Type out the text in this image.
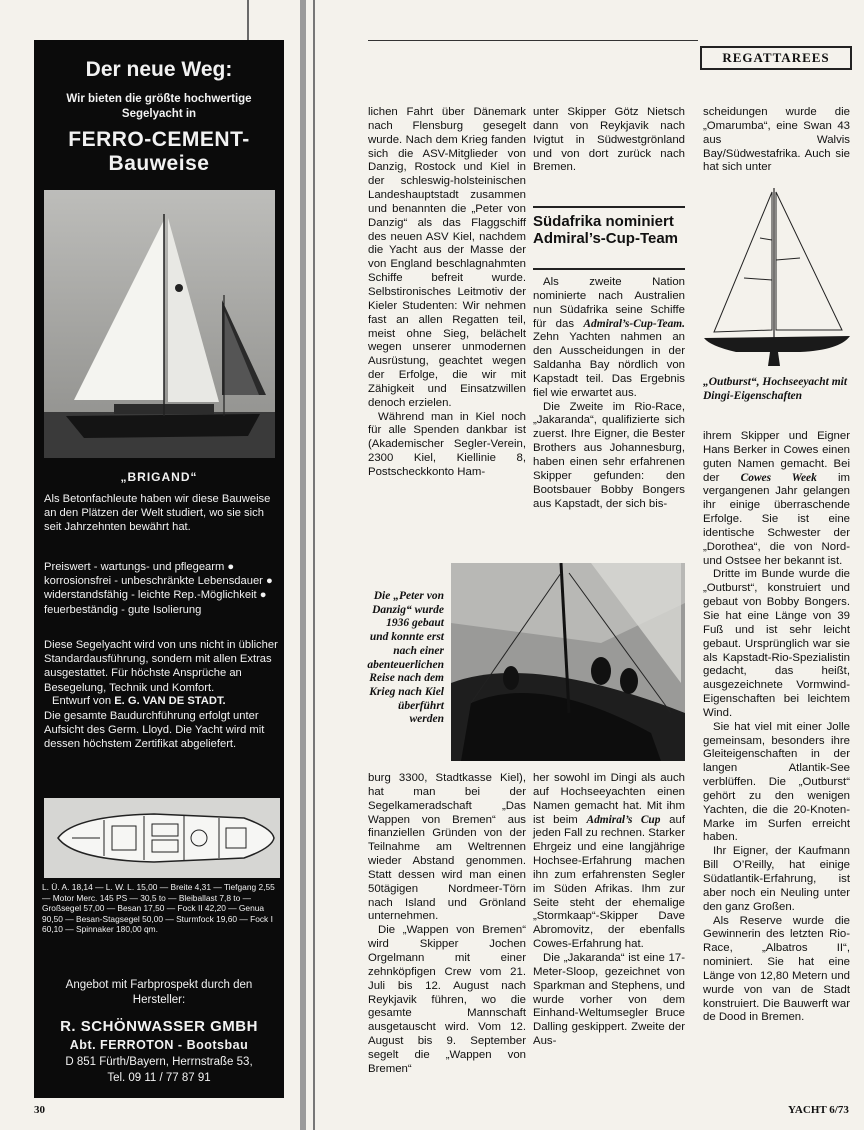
Der neue Weg:
Wir bieten die größte hochwertige
Segelyacht in
FERRO-CEMENT-
Bauweise
„BRIGAND“
Als Betonfachleute haben wir diese Bauweise an den Plätzen der Welt studiert, wo sie sich seit Jahrzehnten bewährt hat.
Preiswert - wartungs- und pflegearm ● korrosionsfrei - unbeschränkte Lebensdauer ● widerstandsfähig - leichte Rep.-Möglichkeit ● feuerbeständig - gute Isolierung
Diese Segelyacht wird von uns nicht in üblicher Standardausführung, sondern mit allen Extras ausgestattet. Für höchste Ansprüche an Besegelung, Technik und Komfort.
Entwurf von E. G. VAN DE STADT.
Die gesamte Baudurchführung erfolgt unter Aufsicht des Germ. Lloyd. Die Yacht wird mit dessen höchstem Zertifikat abgeliefert.
L. Ü. A. 18,14 — L. W. L. 15,00 — Breite 4,31 — Tiefgang 2,55 — Motor Merc. 145 PS — 30,5 to — Bleiballast 7,8 to — Großsegel 57,00 — Besan 17,50 — Fock II 42,20 — Genua 90,50 — Besan-Stagsegel 50,00 — Sturmfock 19,60 — Fock I 60,10 — Spinnaker 180,00 qm.
Angebot mit Farbprospekt durch den
Hersteller:
R. SCHÖNWASSER GMBH
Abt. FERROTON - Bootsbau
D 851 Fürth/Bayern, Herrnstraße 53,
Tel. 09 11 / 77 87 91
REGATTAREES

lichen Fahrt über Dänemark nach Flensburg gesegelt wurde. Nach dem Krieg fanden sich die ASV-Mitglieder von Danzig, Rostock und Kiel in der schleswig-holsteinischen Landeshauptstadt zusammen und benannten die „Peter von Danzig“ als das Flaggschiff des neuen ASV Kiel, nachdem die Yacht aus der Masse der von England beschlagnahmten Schiffe befreit wurde. Selbstironisches Leitmotiv der Kieler Studenten: Wir nehmen fast an allen Regatten teil, meist ohne Sieg, belächelt wegen unserer unmodernen Ausrüstung, geachtet wegen der Erfolge, die wir mit Zähigkeit und Einsatzwillen denoch erzielen.

Während man in Kiel noch für alle Spenden dankbar ist (Akademischer Segler-Verein, 2300 Kiel, Kiellinie 8, Postscheckkonto Ham-

unter Skipper Götz Nietsch dann von Reykjavik nach Ivigtut in Südwestgrönland und von dort zurück nach Bremen.
Südafrika nominiert Admiral’s-Cup-Team

Als zweite Nation nominierte nach Australien nun Südafrika seine Schiffe für das Admiral’s-Cup-Team. Zehn Yachten nahmen an den Ausscheidungen in der Saldanha Bay nördlich von Kapstadt teil. Das Ergebnis fiel wie erwartet aus.

Die Zweite im Rio-Race, „Jakaranda“, qualifizierte sich zuerst. Ihre Eigner, die Bester Brothers aus Johannesburg, haben einen sehr erfahrenen Skipper gefunden: den Bootsbauer Bobby Bongers aus Kapstadt, der sich bis-

scheidungen wurde die „Omarumba“, eine Swan 43 aus Walvis Bay/Südwestafrika. Auch sie hat sich unter
„Outburst“, Hochseeyacht mit Dingi-Eigenschaften

ihrem Skipper und Eigner Hans Berker in Cowes einen guten Namen gemacht. Bei der Cowes Week im vergangenen Jahr gelangen ihr einige überraschende Erfolge. Sie ist eine identische Schwester der „Dorothea“, die von Nord- und Ostsee her bekannt ist.

Dritte im Bunde wurde die „Outburst“, konstruiert und gebaut von Bobby Bongers. Sie hat eine Länge von 39 Fuß und ist sehr leicht gebaut. Ursprünglich war sie als Kapstadt-Rio-Spezialistin gedacht, das heißt, ausgezeichnete Vormwind-Eigenschaften bei leichtem Wind.

Sie hat viel mit einer Jolle gemeinsam, besonders ihre Gleiteigenschaften in der langen Atlantik-See verblüffen. Die „Outburst“ gehört zu den wenigen Yachten, die die 20-Knoten-Marke im Surfen erreicht haben.

Ihr Eigner, der Kaufmann Bill O’Reilly, hat einige Südatlantik-Erfahrung, ist aber noch ein Neuling unter den ganz Großen.

Als Reserve wurde die Gewinnerin des letzten Rio-Race, „Albatros II“, nominiert. Sie hat eine Länge von 12,80 Metern und wurde von van de Stadt konstruiert. Die Bauwerft war de Dood in Bremen.

Die „Peter von Danzig“ wurde 1936 gebaut und konnte erst nach einer abenteuerlichen Reise nach dem Krieg nach Kiel überführt werden

burg 3300, Stadtkasse Kiel), hat man bei der Segelkameradschaft „Das Wappen von Bremen“ aus finanziellen Gründen von der Teilnahme am Weltrennen wieder Abstand genommen. Statt dessen wird man einen 50tägigen Nordmeer-Törn nach Island und Grönland unternehmen.

Die „Wappen von Bremen“ wird Skipper Jochen Orgelmann mit einer zehnköpfigen Crew vom 21. Juli bis 12. August nach Reykjavik führen, wo die gesamte Mannschaft ausgetauscht wird. Vom 12. August bis 9. September segelt die „Wappen von Bremen“

her sowohl im Dingi als auch auf Hochseeyachten einen Namen gemacht hat. Mit ihm ist beim Admiral’s Cup auf jeden Fall zu rechnen. Starker Ehrgeiz und eine langjährige Hochsee-Erfahrung machen ihn zum erfahrensten Segler im Süden Afrikas. Ihm zur Seite steht der ehemalige „Stormkaap“-Skipper Dave Abromovitz, der ebenfalls Cowes-Erfahrung hat.

Die „Jakaranda“ ist eine 17-Meter-Sloop, gezeichnet von Sparkman and Stephens, und wurde vorher von dem Einhand-Weltumsegler Bruce Dalling geskippert. Zweite der Aus-

30	YACHT 6/73
